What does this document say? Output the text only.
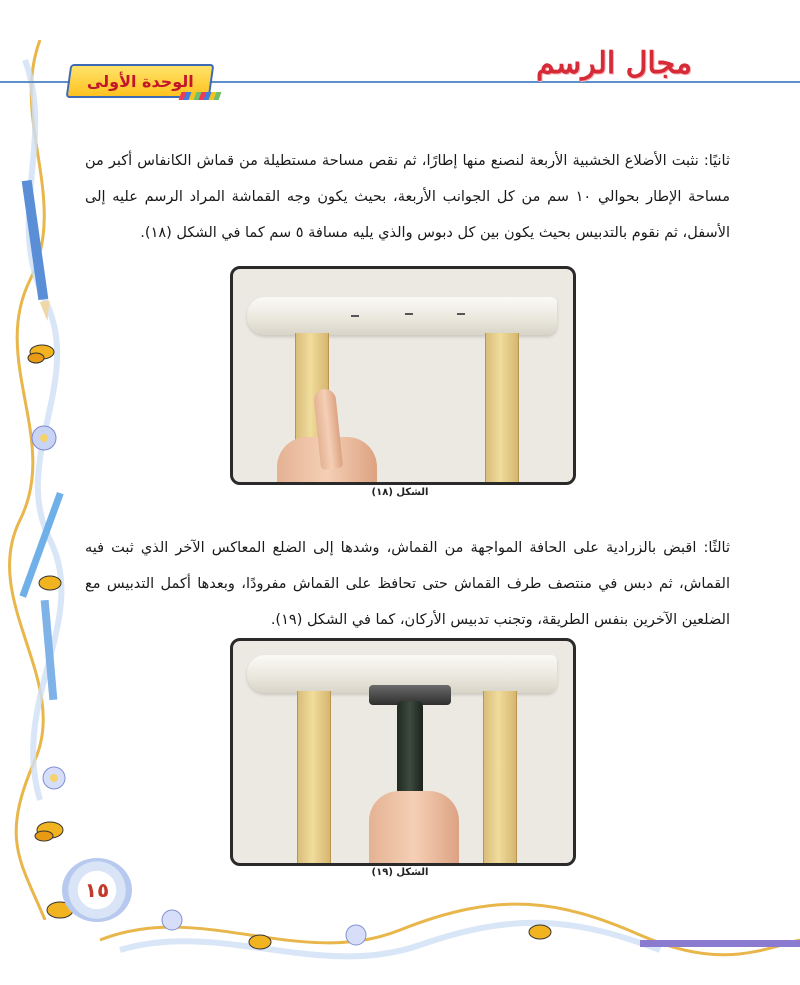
مجال الرسم
الوحدة الأولى

ثانيًا: نثبت الأضلاع الخشبية الأربعة لنصنع منها إطارًا، ثم نقص مساحة مستطيلة من قماش الكانفاس أكبر من مساحة الإطار بحوالي ١٠ سم من كل الجوانب الأربعة، بحيث يكون وجه القماشة المراد الرسم عليه إلى الأسفل، ثم نقوم بالتدبيس بحيث يكون بين كل دبوس والذي يليه مسافة ٥ سم كما في الشكل (١٨).

الشكل (١٨)

ثالثًا: اقبض بالزرادية على الحافة المواجهة من القماش، وشدها إلى الضلع المعاكس الآخر الذي ثبت فيه القماش، ثم دبس في منتصف طرف القماش حتى تحافظ على القماش مفرودًا، وبعدها أكمل التدبيس مع الضلعين الآخرين بنفس الطريقة، وتجنب تدبيس الأركان، كما في الشكل (١٩).

الشكل (١٩)
١٥
